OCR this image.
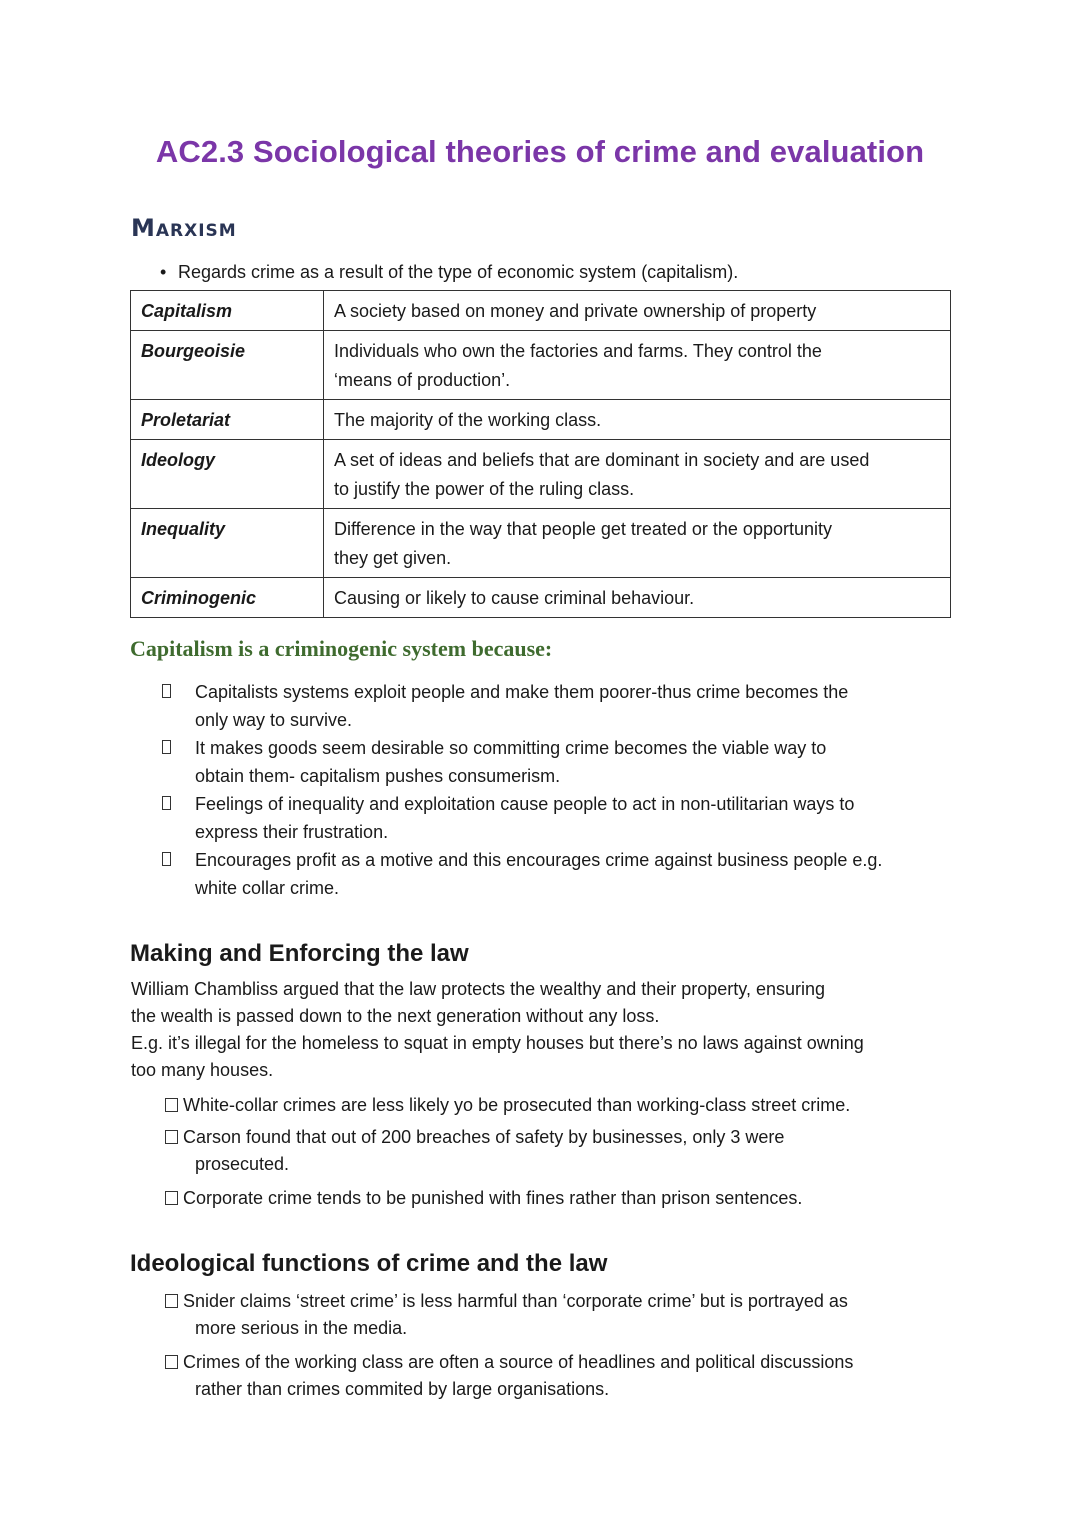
AC2.3 Sociological theories of crime and evaluation
Marxism
• Regards crime as a result of the type of economic system (capitalism).
Capitalism	A society based on money and private ownership of property

Bourgeoisie	Individuals who own the factories and farms. They control the
‘means of production’.

Proletariat	The majority of the working class.

Ideology	A set of ideas and beliefs that are dominant in society and are used
to justify the power of the ruling class.

Inequality	Difference in the way that people get treated or the opportunity
they get given.

Criminogenic	Causing or likely to cause criminal behaviour.
Capitalism is a criminogenic system because:
Capitalists systems exploit people and make them poorer-thus crime becomes the
only way to survive.
It makes goods seem desirable so committing crime becomes the viable way to
obtain them- capitalism pushes consumerism.
Feelings of inequality and exploitation cause people to act in non-utilitarian ways to
express their frustration.
Encourages profit as a motive and this encourages crime against business people e.g.
white collar crime.
Making and Enforcing the law
William Chambliss argued that the law protects the wealthy and their property, ensuring
the wealth is passed down to the next generation without any loss.
E.g. it’s illegal for the homeless to squat in empty houses but there’s no laws against owning
too many houses.
White-collar crimes are less likely yo be prosecuted than working-class street crime.
Carson found that out of 200 breaches of safety by businesses, only 3 were
prosecuted.
Corporate crime tends to be punished with fines rather than prison sentences.
Ideological functions of crime and the law
Snider claims ‘street crime’ is less harmful than ‘corporate crime’ but is portrayed as
more serious in the media.
Crimes of the working class are often a source of headlines and political discussions
rather than crimes commited by large organisations.
